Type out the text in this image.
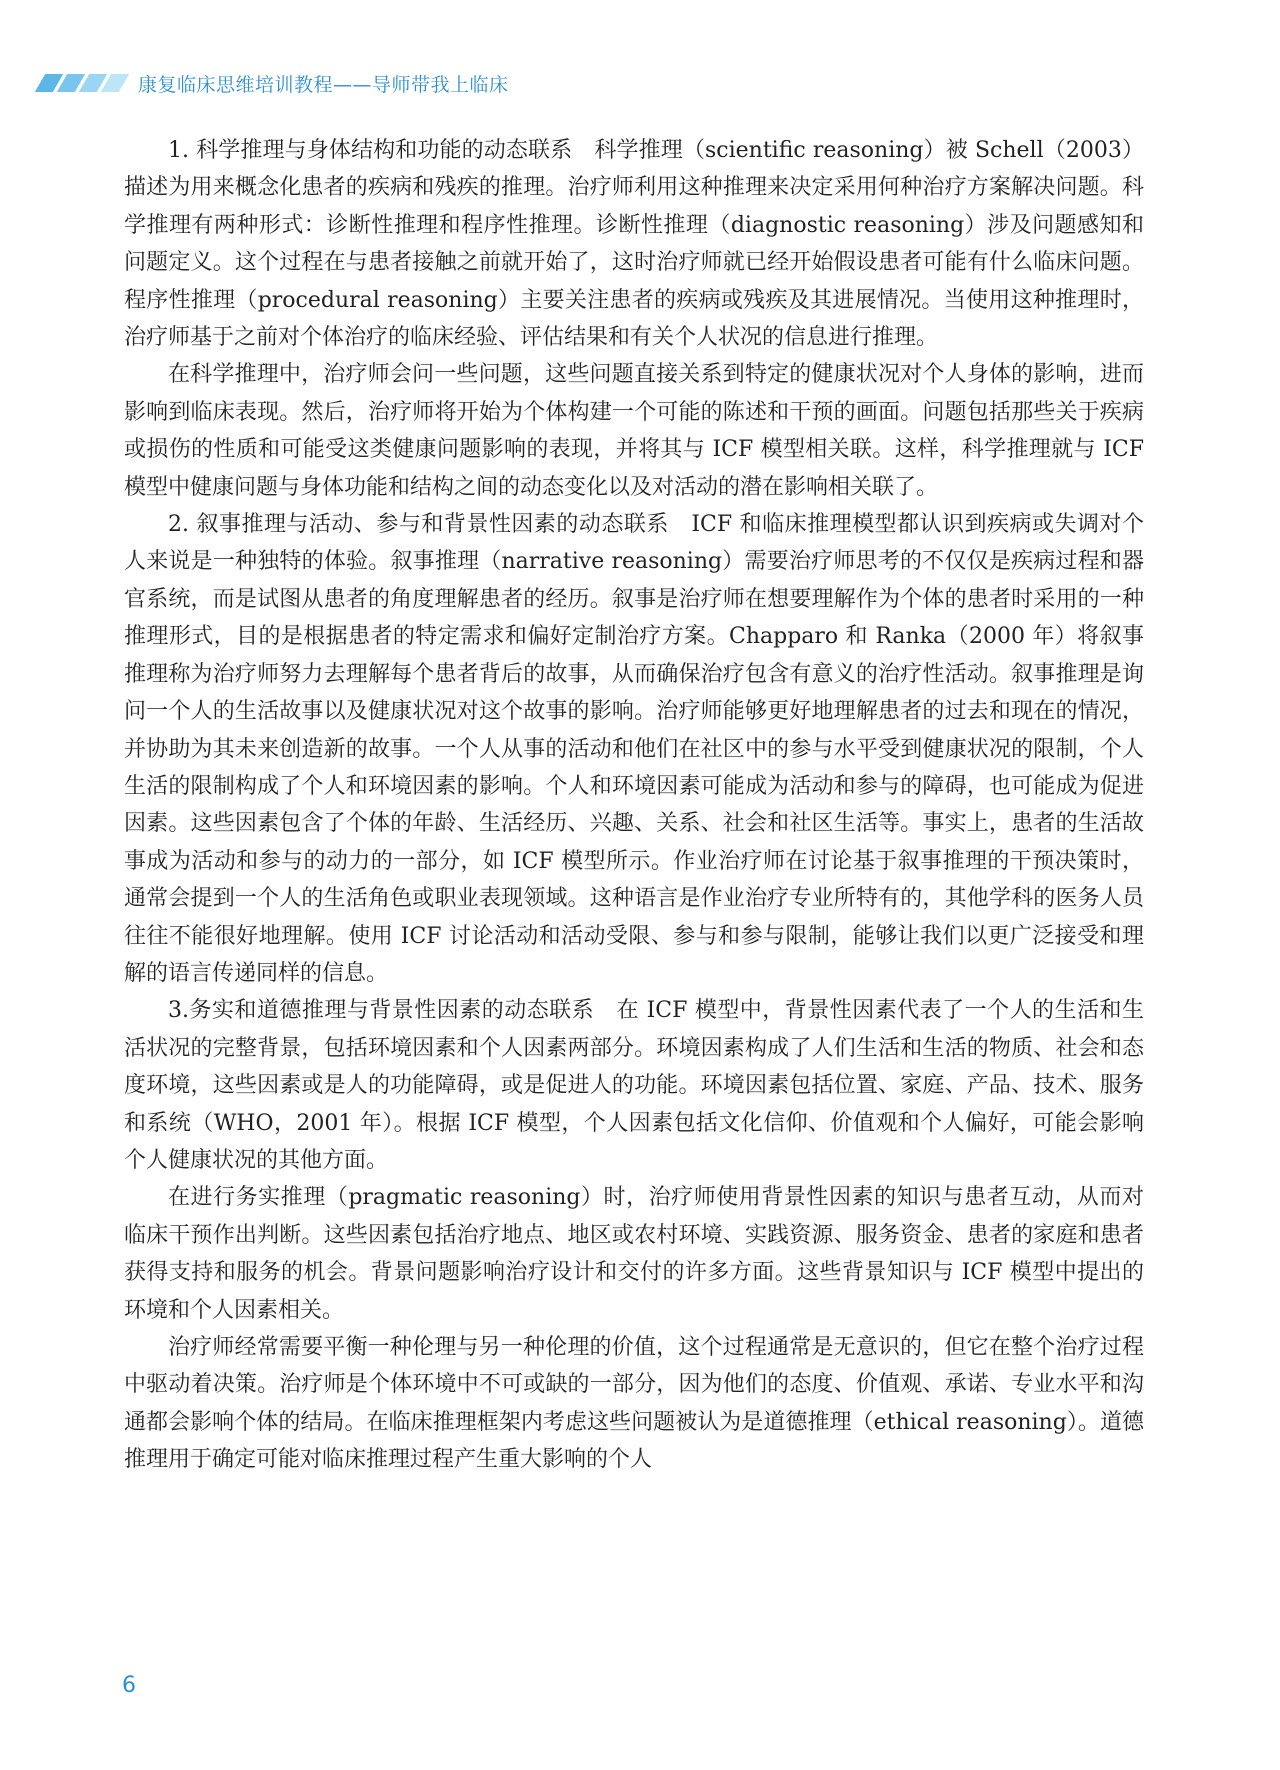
康复临床思维培训教程——导师带我上临床

1. 科学推理与身体结构和功能的动态联系　科学推理（scientific reasoning）被 Schell（2003）描述为用来概念化患者的疾病和残疾的推理。治疗师利用这种推理来决定采用何种治疗方案解决问题。科学推理有两种形式：诊断性推理和程序性推理。诊断性推理（diagnostic reasoning）涉及问题感知和问题定义。这个过程在与患者接触之前就开始了，这时治疗师就已经开始假设患者可能有什么临床问题。程序性推理（procedural reasoning）主要关注患者的疾病或残疾及其进展情况。当使用这种推理时，治疗师基于之前对个体治疗的临床经验、评估结果和有关个人状况的信息进行推理。

在科学推理中，治疗师会问一些问题，这些问题直接关系到特定的健康状况对个人身体的影响，进而影响到临床表现。然后，治疗师将开始为个体构建一个可能的陈述和干预的画面。问题包括那些关于疾病或损伤的性质和可能受这类健康问题影响的表现，并将其与 ICF 模型相关联。这样，科学推理就与 ICF 模型中健康问题与身体功能和结构之间的动态变化以及对活动的潜在影响相关联了。

2. 叙事推理与活动、参与和背景性因素的动态联系　ICF 和临床推理模型都认识到疾病或失调对个人来说是一种独特的体验。叙事推理（narrative reasoning）需要治疗师思考的不仅仅是疾病过程和器官系统，而是试图从患者的角度理解患者的经历。叙事是治疗师在想要理解作为个体的患者时采用的一种推理形式，目的是根据患者的特定需求和偏好定制治疗方案。Chapparo 和 Ranka（2000 年）将叙事推理称为治疗师努力去理解每个患者背后的故事，从而确保治疗包含有意义的治疗性活动。叙事推理是询问一个人的生活故事以及健康状况对这个故事的影响。治疗师能够更好地理解患者的过去和现在的情况，并协助为其未来创造新的故事。一个人从事的活动和他们在社区中的参与水平受到健康状况的限制，个人生活的限制构成了个人和环境因素的影响。个人和环境因素可能成为活动和参与的障碍，也可能成为促进因素。这些因素包含了个体的年龄、生活经历、兴趣、关系、社会和社区生活等。事实上，患者的生活故事成为活动和参与的动力的一部分，如 ICF 模型所示。作业治疗师在讨论基于叙事推理的干预决策时，通常会提到一个人的生活角色或职业表现领域。这种语言是作业治疗专业所特有的，其他学科的医务人员往往不能很好地理解。使用 ICF 讨论活动和活动受限、参与和参与限制，能够让我们以更广泛接受和理解的语言传递同样的信息。

3.务实和道德推理与背景性因素的动态联系　在 ICF 模型中，背景性因素代表了一个人的生活和生活状况的完整背景，包括环境因素和个人因素两部分。环境因素构成了人们生活和生活的物质、社会和态度环境，这些因素或是人的功能障碍，或是促进人的功能。环境因素包括位置、家庭、产品、技术、服务和系统（WHO，2001 年）。根据 ICF 模型，个人因素包括文化信仰、价值观和个人偏好，可能会影响个人健康状况的其他方面。

在进行务实推理（pragmatic reasoning）时，治疗师使用背景性因素的知识与患者互动，从而对临床干预作出判断。这些因素包括治疗地点、地区或农村环境、实践资源、服务资金、患者的家庭和患者获得支持和服务的机会。背景问题影响治疗设计和交付的许多方面。这些背景知识与 ICF 模型中提出的环境和个人因素相关。

治疗师经常需要平衡一种伦理与另一种伦理的价值，这个过程通常是无意识的，但它在整个治疗过程中驱动着决策。治疗师是个体环境中不可或缺的一部分，因为他们的态度、价值观、承诺、专业水平和沟通都会影响个体的结局。在临床推理框架内考虑这些问题被认为是道德推理（ethical reasoning）。道德推理用于确定可能对临床推理过程产生重大影响的个人

6
